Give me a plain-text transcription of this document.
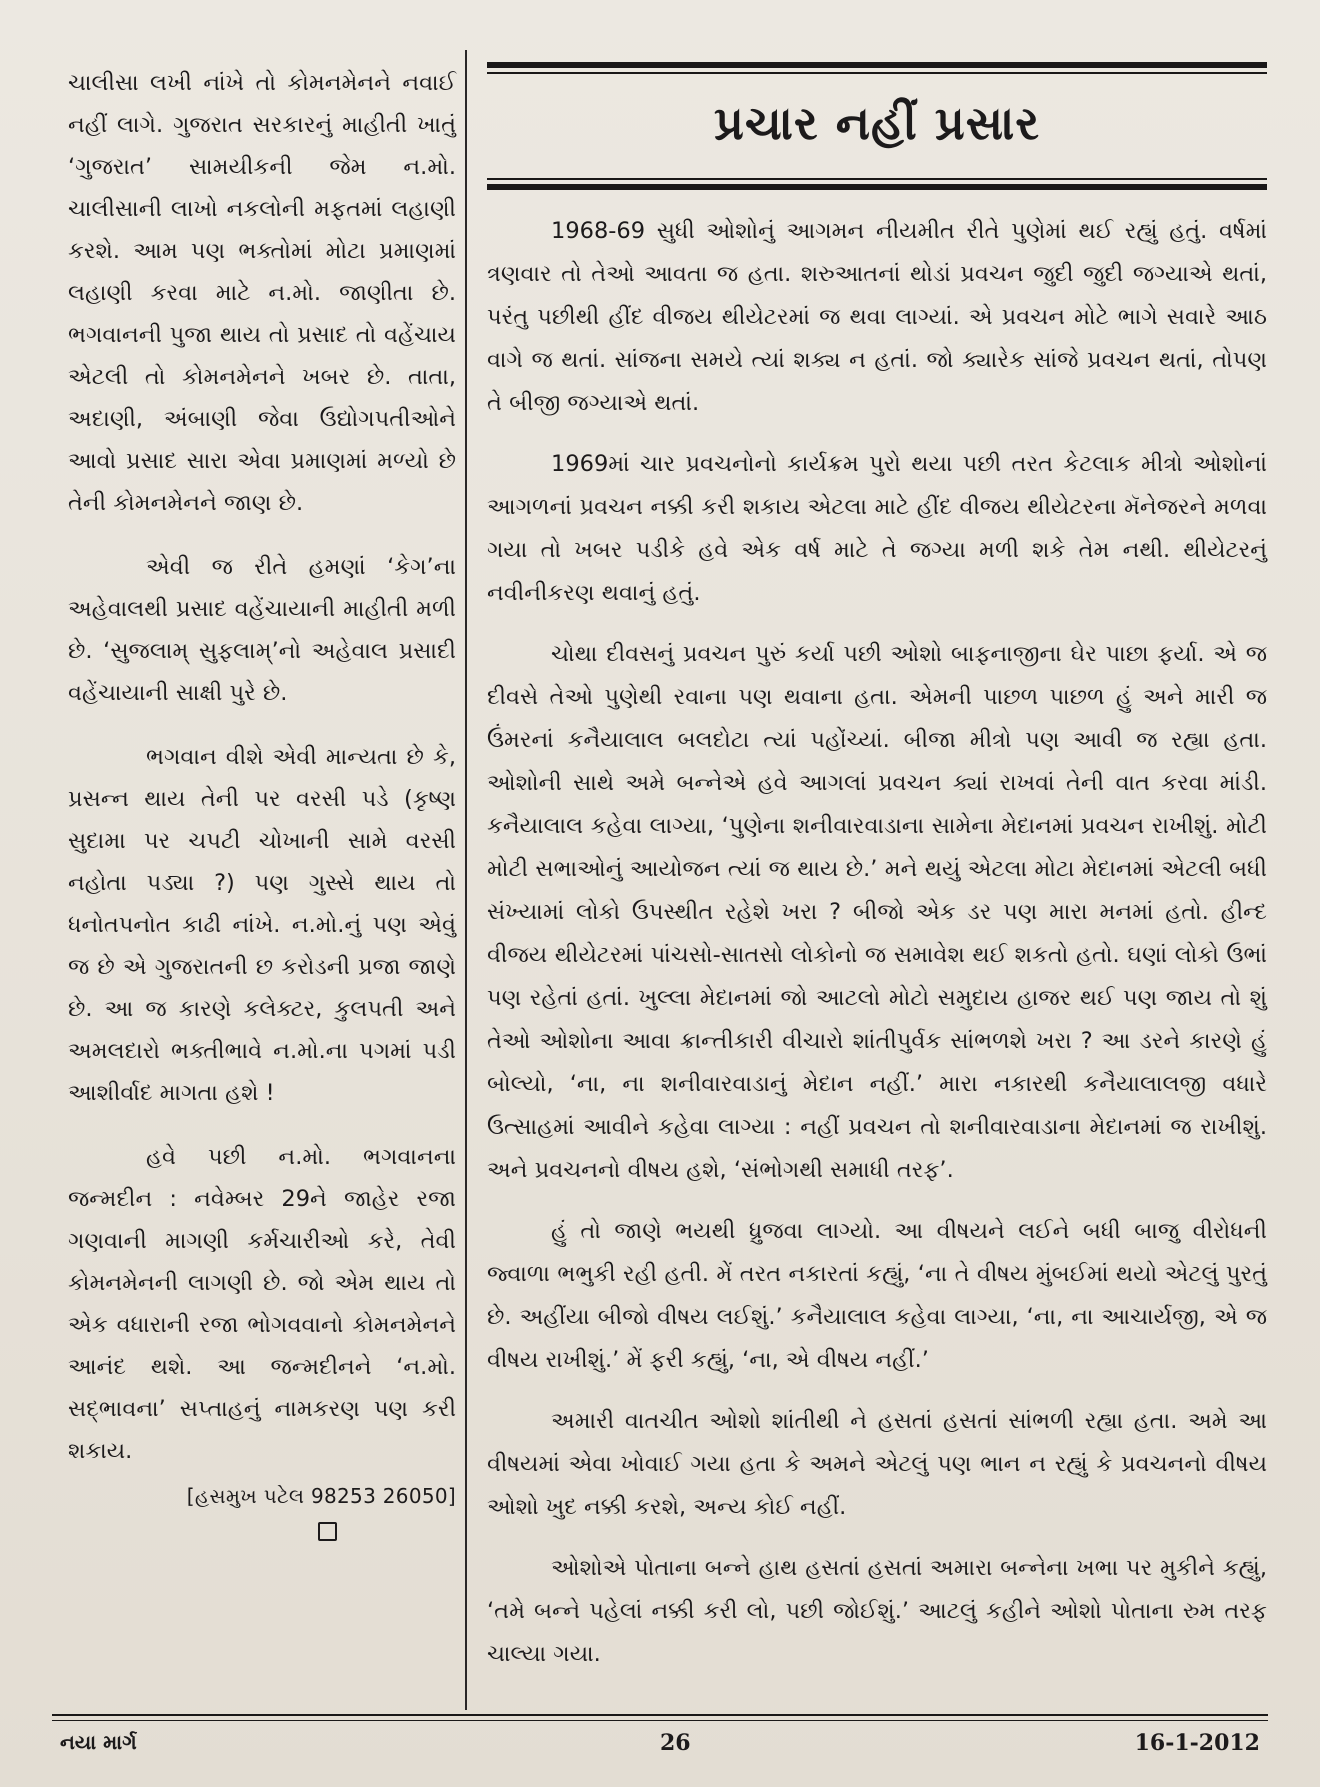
ચાલીસા લખી નાંખે તો કોમનમેનને નવાઈ નહીં લાગે. ગુજરાત સરકારનું માહીતી ખાતું ‘ગુજરાત’ સામયીકની જેમ ન.મો. ચાલીસાની લાખો નકલોની મફતમાં લહાણી કરશે. આમ પણ ભક્તોમાં મોટા પ્રમાણમાં લહાણી કરવા માટે ન.મો. જાણીતા છે. ભગવાનની પુજા થાય તો પ્રસાદ તો વહેંચાય એટલી તો કોમનમેનને ખબર છે. તાતા, અદાણી, અંબાણી જેવા ઉદ્યોગપતીઓને આવો પ્રસાદ સારા એવા પ્રમાણમાં મળ્યો છે તેની કોમનમેનને જાણ છે.

એવી જ રીતે હમણાં ‘કેગ’ના અહેવાલથી પ્રસાદ વહેંચાયાની માહીતી મળી છે. ‘સુજલામ્ સુફલામ્’નો અહેવાલ પ્રસાદી વહેંચાયાની સાક્ષી પુરે છે.

ભગવાન વીશે એવી માન્યતા છે કે, પ્રસન્ન થાય તેની પર વરસી પડે (કૃષ્ણ સુદામા પર ચપટી ચોખાની સામે વરસી નહોતા પડ્યા ?) પણ ગુસ્સે થાય તો ધનોતપનોત કાઢી નાંખે. ન.મો.નું પણ એવું જ છે એ ગુજરાતની છ કરોડની પ્રજા જાણે છે. આ જ કારણે કલેક્ટર, કુલપતી અને અમલદારો ભક્તીભાવે ન.મો.ના પગમાં પડી આશીર્વાદ માગતા હશે !

હવે પછી ન.મો. ભગવાનના જન્મદીન : નવેમ્બર 29ને જાહેર રજા ગણવાની માગણી કર્મચારીઓ કરે, તેવી કોમનમેનની લાગણી છે. જો એમ થાય તો એક વધારાની રજા ભોગવવાનો કોમનમેનને આનંદ થશે. આ જન્મદીનને ‘ન.મો. સદ્ભાવના’ સપ્તાહનું નામકરણ પણ કરી શકાય.

[હસમુખ પટેલ 98253 26050]
પ્રચાર નહીં પ્રસાર

1968-69 સુધી ઓશોનું આગમન નીયમીત રીતે પુણેમાં થઈ રહ્યું હતું. વર્ષમાં ત્રણવાર તો તેઓ આવતા જ હતા. શરુઆતનાં થોડાં પ્રવચન જુદી જુદી જગ્યાએ થતાં, પરંતુ પછીથી હીંદ વીજય થીયેટરમાં જ થવા લાગ્યાં. એ પ્રવચન મોટે ભાગે સવારે આઠ વાગે જ થતાં. સાંજના સમયે ત્યાં શક્ય ન હતાં. જો ક્યારેક સાંજે પ્રવચન થતાં, તોપણ તે બીજી જગ્યાએ થતાં.

1969માં ચાર પ્રવચનોનો કાર્યક્રમ પુરો થયા પછી તરત કેટલાક મીત્રો ઓશોનાં આગળનાં પ્રવચન નક્કી કરી શકાય એટલા માટે હીંદ વીજય થીયેટરના મૅનેજરને મળવા ગયા તો ખબર પડીકે હવે એક વર્ષ માટે તે જગ્યા મળી શકે તેમ નથી. થીયેટરનું નવીનીકરણ થવાનું હતું.

ચોથા દીવસનું પ્રવચન પુરું કર્યા પછી ઓશો બાફનાજીના ઘેર પાછા ફર્યા. એ જ દીવસે તેઓ પુણેથી રવાના પણ થવાના હતા. એમની પાછળ પાછળ હું અને મારી જ ઉંમરનાં કનૈયાલાલ બલદોટા ત્યાં પહોંચ્યાં. બીજા મીત્રો પણ આવી જ રહ્યા હતા. ઓશોની સાથે અમે બન્નેએ હવે આગલાં પ્રવચન ક્યાં રાખવાં તેની વાત કરવા માંડી. કનૈયાલાલ કહેવા લાગ્યા, ‘પુણેના શનીવારવાડાના સામેના મેદાનમાં પ્રવચન રાખીશું. મોટી મોટી સભાઓનું આયોજન ત્યાં જ થાય છે.’ મને થયું એટલા મોટા મેદાનમાં એટલી બધી સંખ્યામાં લોકો ઉપસ્થીત રહેશે ખરા ? બીજો એક ડર પણ મારા મનમાં હતો. હીન્દ વીજય થીયેટરમાં પાંચસો-સાતસો લોકોનો જ સમાવેશ થઈ શકતો હતો. ઘણાં લોકો ઉભાં પણ રહેતાં હતાં. ખુલ્લા મેદાનમાં જો આટલો મોટો સમુદાય હાજર થઈ પણ જાય તો શું તેઓ ઓશોના આવા ક્રાન્તીકારી વીચારો શાંતીપુર્વક સાંભળશે ખરા ? આ ડરને કારણે હું બોલ્યો, ‘ના, ના શનીવારવાડાનું મેદાન નહીં.’ મારા નકારથી કનૈયાલાલજી વધારે ઉત્સાહમાં આવીને કહેવા લાગ્યા : નહીં પ્રવચન તો શનીવારવાડાના મેદાનમાં જ રાખીશું. અને પ્રવચનનો વીષય હશે, ‘સંભોગથી સમાધી તરફ’.

હું તો જાણે ભયથી ધ્રુજવા લાગ્યો. આ વીષયને લઈને બધી બાજુ વીરોધની જ્વાળા ભભુકી રહી હતી. મેં તરત નકારતાં કહ્યું, ‘ના તે વીષય મુંબઈમાં થયો એટલું પુરતું છે. અહીંયા બીજો વીષય લઈશું.’ કનૈયાલાલ કહેવા લાગ્યા, ‘ના, ના આચાર્યજી, એ જ વીષય રાખીશું.’ મેં ફરી કહ્યું, ‘ના, એ વીષય નહીં.’

અમારી વાતચીત ઓશો શાંતીથી ને હસતાં હસતાં સાંભળી રહ્યા હતા. અમે આ વીષયમાં એવા ખોવાઈ ગયા હતા કે અમને એટલું પણ ભાન ન રહ્યું કે પ્રવચનનો વીષય ઓશો ખુદ નક્કી કરશે, અન્ય કોઈ નહીં.

ઓશોએ પોતાના બન્ને હાથ હસતાં હસતાં અમારા બન્નેના ખભા પર મુકીને કહ્યું, ‘તમે બન્ને પહેલાં નક્કી કરી લો, પછી જોઈશું.’ આટલું કહીને ઓશો પોતાના રુમ તરફ ચાલ્યા ગયા.

નયા માર્ગ	26	16-1-2012
